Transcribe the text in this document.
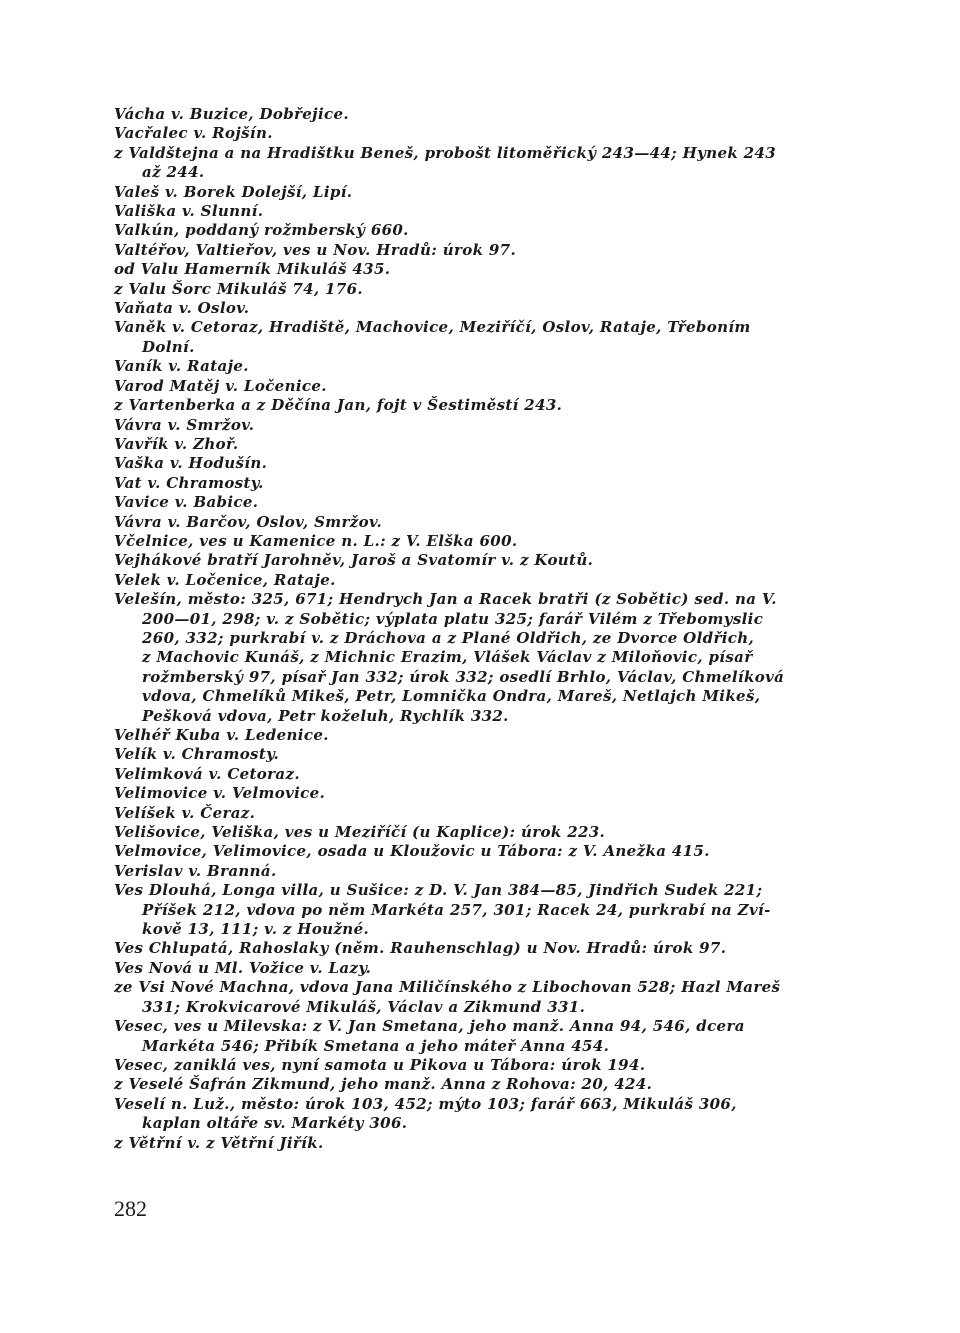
Vácha v. Buzice, Dobřejice.
Vacřalec v. Rojšín.
z Valdštejna a na Hradištku Beneš, probošt litoměřický 243—44; Hynek 243
až 244.
Valeš v. Borek Dolejší, Lipí.
Vališka v. Slunní.
Valkún, poddaný rožmberský 660.
Valtéřov, Valtieřov, ves u Nov. Hradů: úrok 97.
od Valu Hamerník Mikuláš 435.
z Valu Šorc Mikuláš 74, 176.
Vaňata v. Oslov.
Vaněk v. Cetoraz, Hradiště, Machovice, Meziříčí, Oslov, Rataje, Třeboním
Dolní.
Vaník v. Rataje.
Varod Matěj v. Ločenice.
z Vartenberka a z Děčína Jan, fojt v Šestiměstí 243.
Vávra v. Smržov.
Vavřík v. Zhoř.
Vaška v. Hodušín.
Vat v. Chramosty.
Vavice v. Babice.
Vávra v. Barčov, Oslov, Smržov.
Včelnice, ves u Kamenice n. L.: z V. Elška 600.
Vejhákové bratří Jarohněv, Jaroš a Svatomír v. z Koutů.
Velek v. Ločenice, Rataje.
Velešín, město: 325, 671; Hendrych Jan a Racek bratři (z Sobětic) sed. na V.
200—01, 298; v. z Sobětic; výplata platu 325; farář Vilém z Třebomyslic
260, 332; purkrabí v. z Dráchova a z Plané Oldřich, ze Dvorce Oldřich,
z Machovic Kunáš, z Michnic Erazim, Vlášek Václav z Miloňovic, písař
rožmberský 97, písař Jan 332; úrok 332; osedlí Brhlo, Václav, Chmelíková
vdova, Chmelíků Mikeš, Petr, Lomnička Ondra, Mareš, Netlajch Mikeš,
Pešková vdova, Petr koželuh, Rychlík 332.
Velhéř Kuba v. Ledenice.
Velík v. Chramosty.
Velimková v. Cetoraz.
Velimovice v. Velmovice.
Velíšek v. Čeraz.
Velišovice, Veliška, ves u Meziříčí (u Kaplice): úrok 223.
Velmovice, Velimovice, osada u Kloužovic u Tábora: z V. Anežka 415.
Verislav v. Branná.
Ves Dlouhá, Longa villa, u Sušice: z D. V. Jan 384—85, Jindřich Sudek 221;
Příšek 212, vdova po něm Markéta 257, 301; Racek 24, purkrabí na Zví-
kově 13, 111; v. z Houžné.
Ves Chlupatá, Rahoslaky (něm. Rauhenschlag) u Nov. Hradů: úrok 97.
Ves Nová u Ml. Vožice v. Lazy.
ze Vsi Nové Machna, vdova Jana Miličínského z Libochovan 528; Hazl Mareš
331; Krokvicarové Mikuláš, Václav a Zikmund 331.
Vesec, ves u Milevska: z V. Jan Smetana, jeho manž. Anna 94, 546, dcera
Markéta 546; Přibík Smetana a jeho máteř Anna 454.
Vesec, zaniklá ves, nyní samota u Pikova u Tábora: úrok 194.
z Veselé Šafrán Zikmund, jeho manž. Anna z Rohova: 20, 424.
Veselí n. Luž., město: úrok 103, 452; mýto 103; farář 663, Mikuláš 306,
kaplan oltáře sv. Markéty 306.
z Větřní v. z Větřní Jiřík.
282
